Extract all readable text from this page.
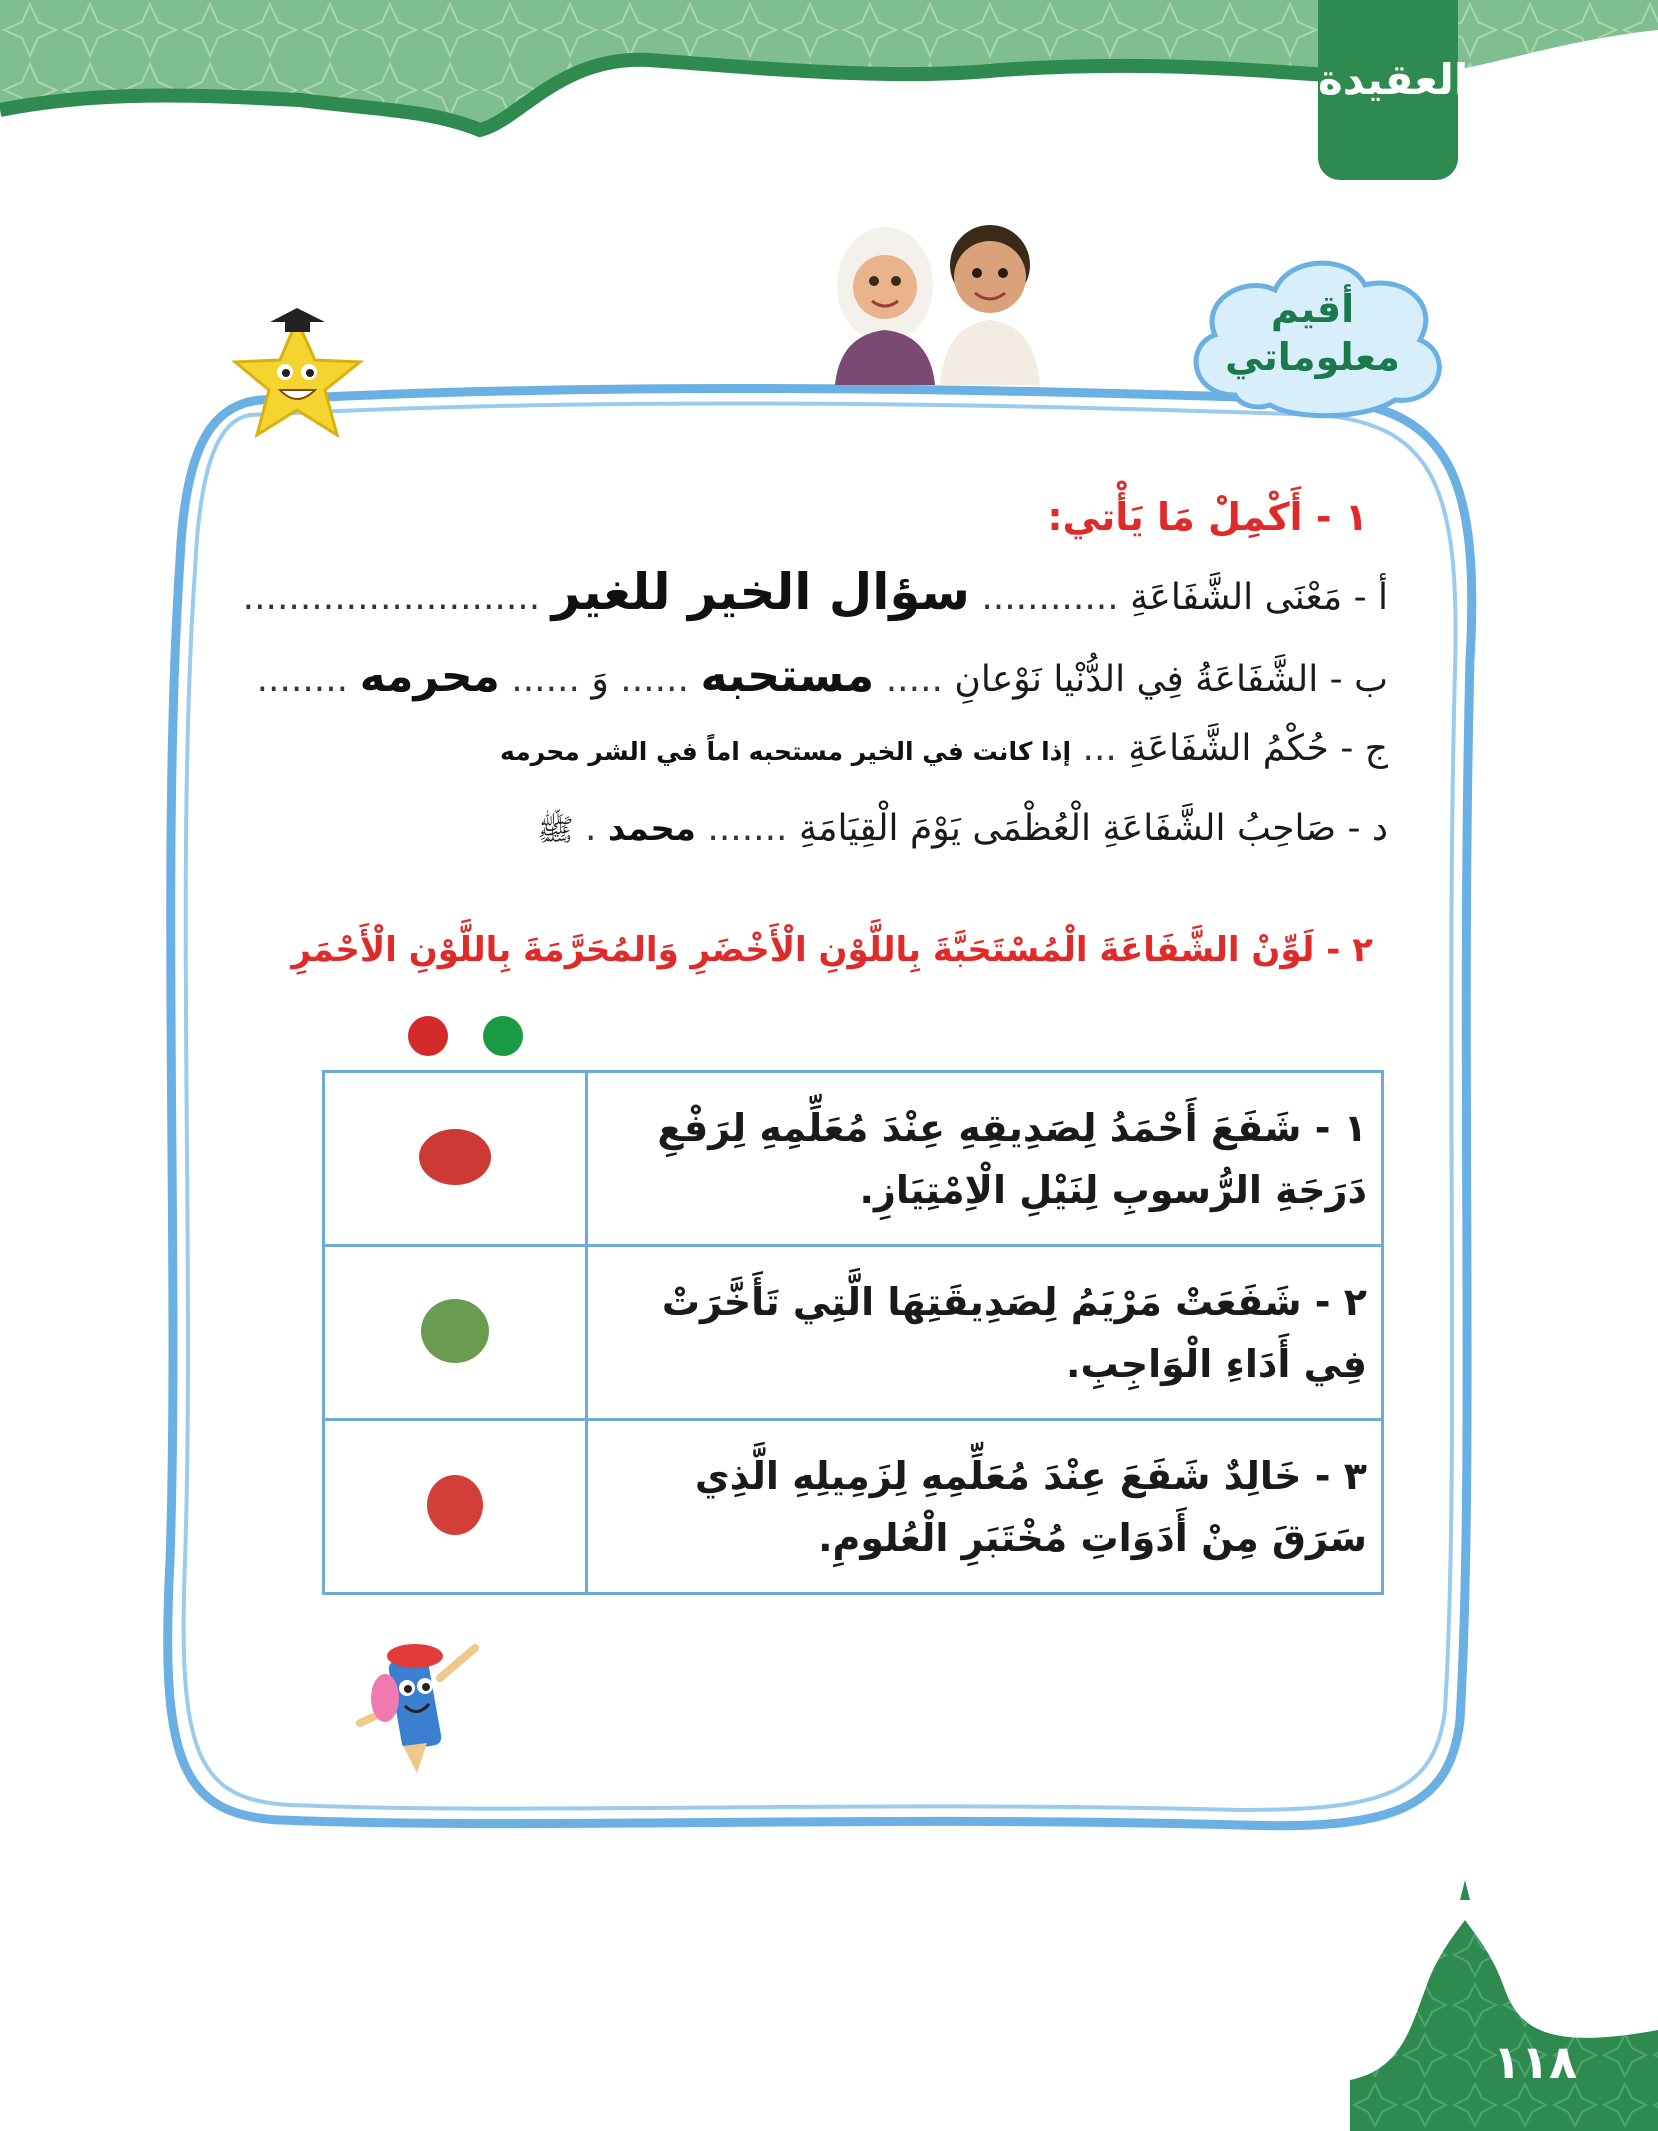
العقيدة
أقيم
معلوماتي
١ - أَكْمِلْ مَا يَأْتي:
أ - مَعْنَى الشَّفَاعَةِ ............ سؤال الخير للغير ..........................
ب - الشَّفَاعَةُ فِي الدُّنْيا نَوْعانِ ..... مستحبه ...... وَ ...... محرمه ........
ج - حُكْمُ الشَّفَاعَةِ ... إذا كانت في الخير مستحبه اماً في الشر محرمه
د - صَاحِبُ الشَّفَاعَةِ الْعُظْمَى يَوْمَ الْقِيَامَةِ ....... محمد . ﷺ
٢ - لَوِّنْ الشَّفَاعَةَ الْمُسْتَحَبَّةَ بِاللَّوْنِ الْأَخْضَرِ وَالمُحَرَّمَةَ بِاللَّوْنِ الْأَحْمَرِ
١ - شَفَعَ أَحْمَدُ لِصَدِيقِهِ عِنْدَ مُعَلِّمِهِ لِرَفْعِ دَرَجَةِ الرُّسوبِ لِنَيْلِ الْاِمْتِيَازِ.	
٢ - شَفَعَتْ مَرْيَمُ لِصَدِيقَتِهَا الَّتِي تَأَخَّرَتْ فِي أَدَاءِ الْوَاجِبِ.	
٣ - خَالِدٌ شَفَعَ عِنْدَ مُعَلِّمِهِ لِزَمِيلِهِ الَّذِي سَرَقَ مِنْ أَدَوَاتِ مُخْتَبَرِ الْعُلومِ.	
١١٨
